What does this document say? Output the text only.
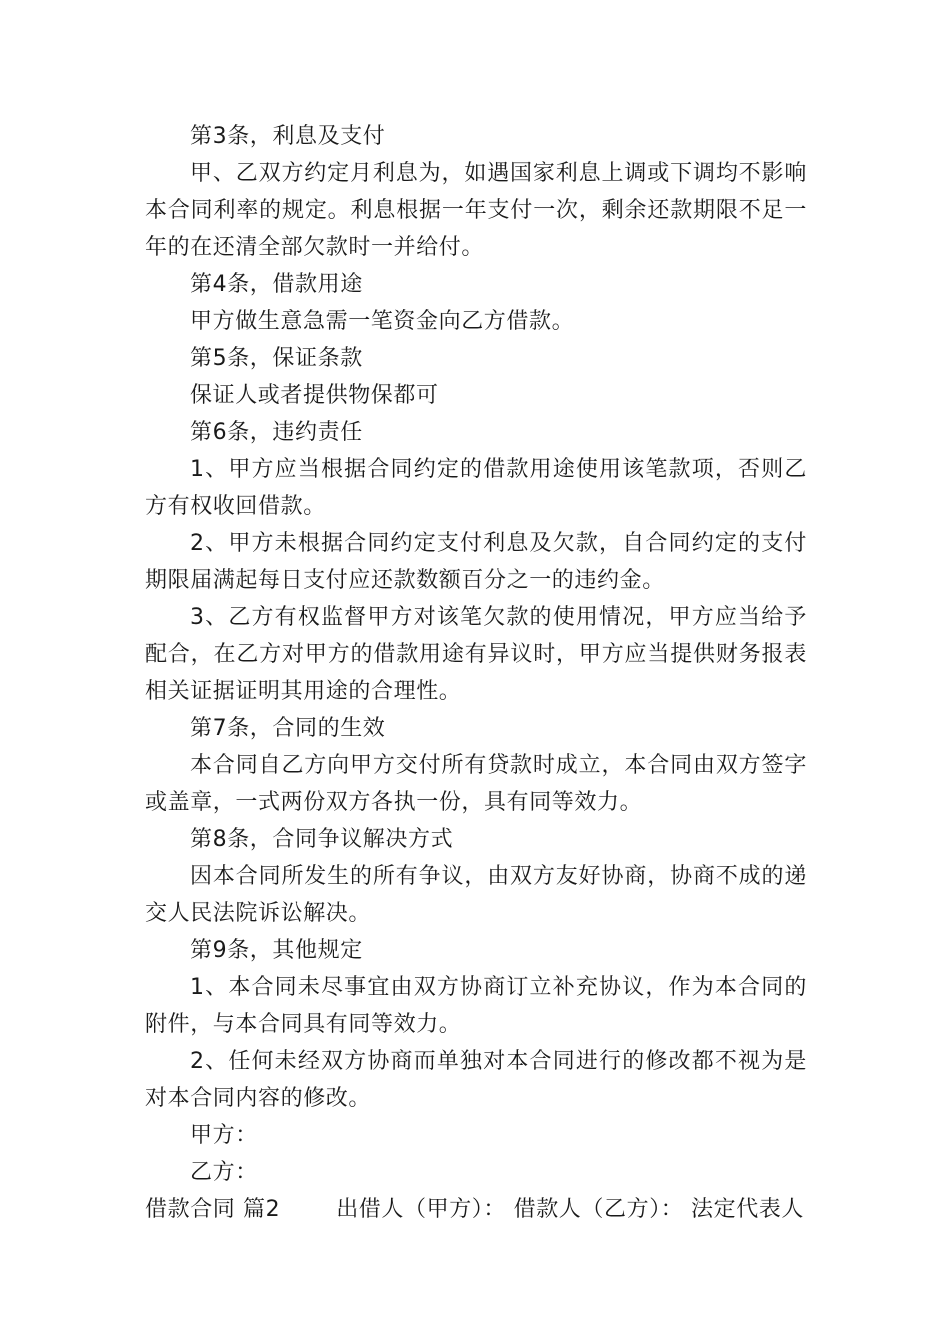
第3条，利息及支付

甲、乙双方约定月利息为，如遇国家利息上调或下调均不影响本合同利率的规定。利息根据一年支付一次，剩余还款期限不足一年的在还清全部欠款时一并给付。

第4条，借款用途

甲方做生意急需一笔资金向乙方借款。

第5条，保证条款

保证人或者提供物保都可

第6条，违约责任

1、甲方应当根据合同约定的借款用途使用该笔款项，否则乙方有权收回借款。

2、甲方未根据合同约定支付利息及欠款，自合同约定的支付期限届满起每日支付应还款数额百分之一的违约金。

3、乙方有权监督甲方对该笔欠款的使用情况，甲方应当给予配合，在乙方对甲方的借款用途有异议时，甲方应当提供财务报表相关证据证明其用途的合理性。

第7条，合同的生效

本合同自乙方向甲方交付所有贷款时成立，本合同由双方签字或盖章，一式两份双方各执一份，具有同等效力。

第8条，合同争议解决方式

因本合同所发生的所有争议，由双方友好协商，协商不成的递交人民法院诉讼解决。

第9条，其他规定

1、本合同未尽事宜由双方协商订立补充协议，作为本合同的附件，与本合同具有同等效力。

2、任何未经双方协商而单独对本合同进行的修改都不视为是对本合同内容的修改。

甲方：

乙方：

借款合同 篇2	出借人（甲方）： 借款人（乙方）： 法定代表人
